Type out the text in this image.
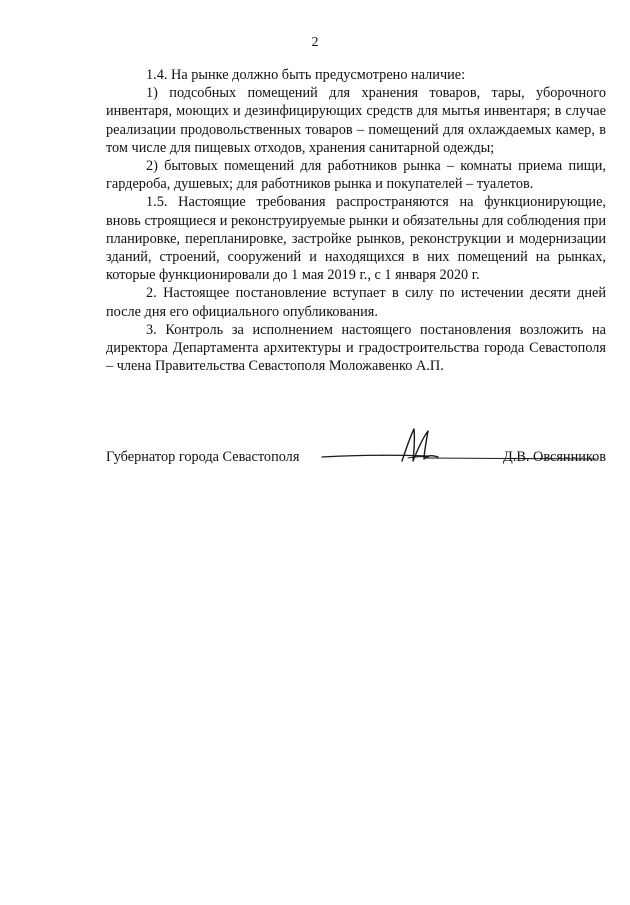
2

1.4. На рынке должно быть предусмотрено наличие:

1) подсобных помещений для хранения товаров, тары, уборочного инвентаря, моющих и дезинфицирующих средств для мытья инвентаря; в случае реализации продовольственных товаров – помещений для охлаждаемых камер, в том числе для пищевых отходов, хранения санитарной одежды;

2) бытовых помещений для работников рынка – комнаты приема пищи, гардероба, душевых; для работников рынка и покупателей – туалетов.

1.5. Настоящие требования распространяются на функционирующие, вновь строящиеся и реконструируемые рынки и обязательны для соблюдения при планировке, перепланировке, застройке рынков, реконструкции и модернизации зданий, строений, сооружений и находящихся в них помещений на рынках, которые функционировали до 1 мая 2019 г., с 1 января 2020 г.

2. Настоящее постановление вступает в силу по истечении десяти дней после дня его официального опубликования.

3. Контроль за исполнением настоящего постановления возложить на директора Департамента архитектуры и градостроительства города Севастополя – члена Правительства Севастополя Моложавенко А.П.

Губернатор города Севастополя	Д.В. Овсянников
